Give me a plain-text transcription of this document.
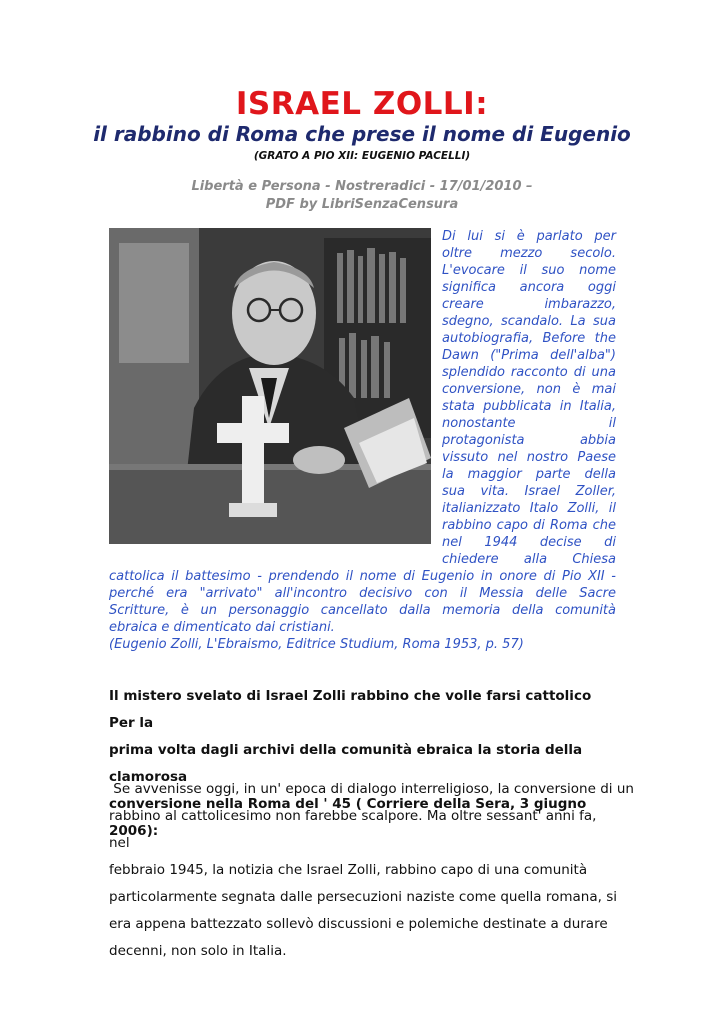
ISRAEL ZOLLI:
il rabbino di Roma che prese il nome di Eugenio
(GRATO A PIO XII: EUGENIO PACELLI)
Libertà e Persona - Nostreradici - 17/01/2010 –
PDF by LibriSenzaCensura

Di lui si è parlato per

oltre mezzo secolo.

L'evocare il suo nome

significa ancora oggi

creare imbarazzo,

sdegno, scandalo. La sua

autobiografia, Before the

Dawn ("Prima dell'alba")

splendido racconto di una

conversione, non è mai

stata pubblicata in Italia,

nonostante il

protagonista abbia

vissuto nel nostro Paese

la maggior parte della

sua vita. Israel Zoller,

italianizzato Italo Zolli, il

rabbino capo di Roma che

nel 1944 decise di

chiedere alla Chiesa

cattolica il battesimo - prendendo il nome di Eugenio in onore di Pio XII -

perché era "arrivato" all'incontro decisivo con il Messia delle Sacre

Scritture, è un personaggio cancellato dalla memoria della comunità

ebraica e dimenticato dai cristiani.

(Eugenio Zolli, L'Ebraismo, Editrice Studium, Roma 1953, p. 57)
Il mistero svelato di Israel Zolli rabbino che volle farsi cattolico Per la
prima volta dagli archivi della comunità ebraica la storia della clamorosa
conversione nella Roma del ' 45 ( Corriere della Sera, 3 giugno 2006):
Se avvenisse oggi, in un' epoca di dialogo interreligioso, la conversione di un
rabbino al cattolicesimo non farebbe scalpore. Ma oltre sessant' anni fa, nel
febbraio 1945, la notizia che Israel Zolli, rabbino capo di una comunità
particolarmente segnata dalle persecuzioni naziste come quella romana, si
era appena battezzato sollevò discussioni e polemiche destinate a durare
decenni, non solo in Italia.
